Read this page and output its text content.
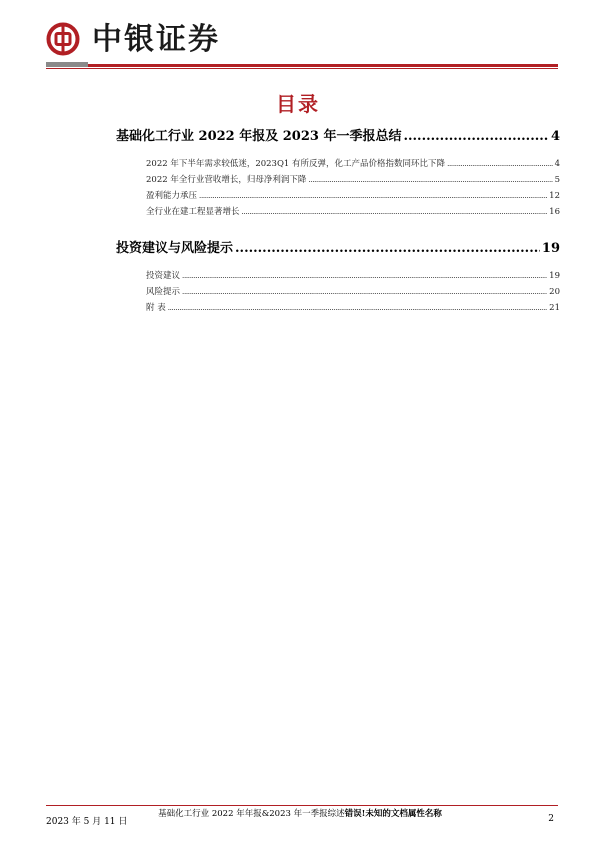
中银证券
目录
基础化工行业 2022 年报及 2023 年一季报总结 .....	4
2022 年下半年需求较低迷，2023Q1 有所反弹，化工产品价格指数同环比下降 .....	4
2022 年全行业营收增长，归母净利润下降 .....	5
盈利能力承压 .....	12
全行业在建工程显著增长 .....	16
投资建议与风险提示 .....	19
投资建议 .....	19
风险提示 .....	20
附 表 .....	21
2023 年 5 月 11 日
基础化工行业 2022 年年报&2023 年一季报综述错误!未知的文档属性名称	2
